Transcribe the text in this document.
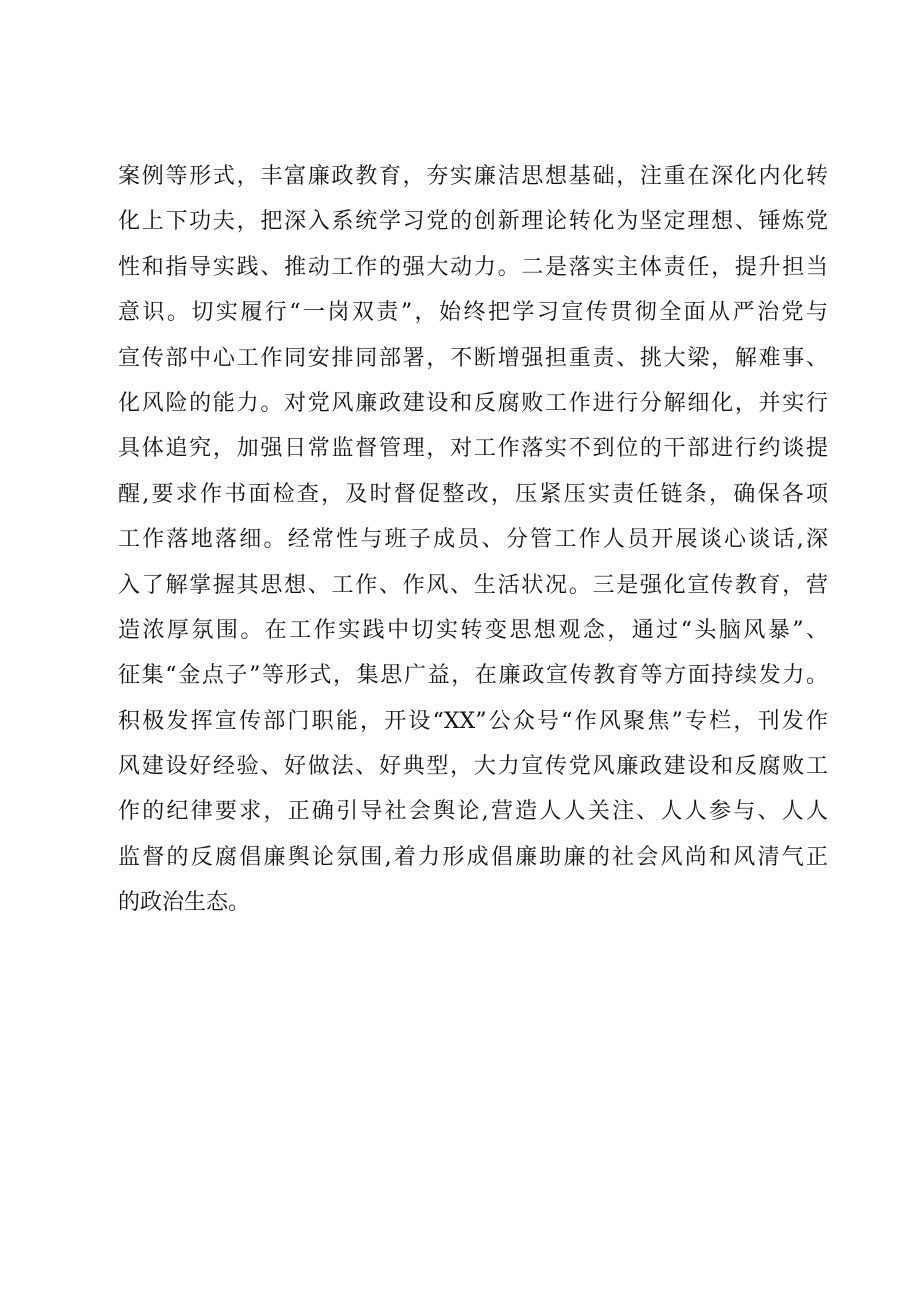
案例等形式，丰富廉政教育，夯实廉洁思想基础，注重在深化内化转
化上下功夫，把深入系统学习党的创新理论转化为坚定理想、锤炼党
性和指导实践、推动工作的强大动力。二是落实主体责任，提升担当
意识。切实履行“一岗双责”，始终把学习宣传贯彻全面从严治党与
宣传部中心工作同安排同部署，不断增强担重责、挑大梁，解难事、
化风险的能力。对党风廉政建设和反腐败工作进行分解细化，并实行
具体追究，加强日常监督管理，对工作落实不到位的干部进行约谈提
醒,要求作书面检查，及时督促整改，压紧压实责任链条，确保各项
工作落地落细。经常性与班子成员、分管工作人员开展谈心谈话,深
入了解掌握其思想、工作、作风、生活状况。三是强化宣传教育，营
造浓厚氛围。在工作实践中切实转变思想观念，通过“头脑风暴”、
征集“金点子”等形式，集思广益，在廉政宣传教育等方面持续发力。
积极发挥宣传部门职能，开设“XX”公众号“作风聚焦”专栏，刊发作
风建设好经验、好做法、好典型，大力宣传党风廉政建设和反腐败工
作的纪律要求，正确引导社会舆论,营造人人关注、人人参与、人人
监督的反腐倡廉舆论氛围,着力形成倡廉助廉的社会风尚和风清气正
的政治生态。
